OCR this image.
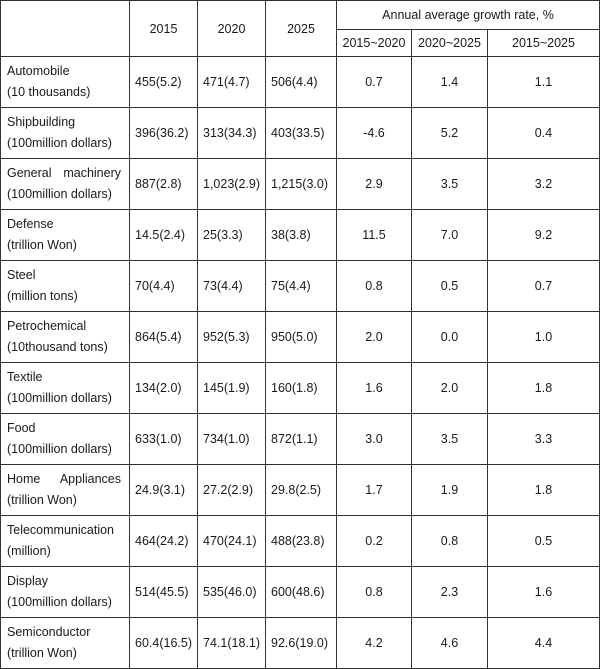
	2015	2020	2025	Annual average growth rate, %		
				2015~2020	2020~2025	2015~2025

Automobile
(10 thousands)	455(5.2)	471(4.7)	506(4.4)	0.7	1.4	1.1

Shipbuilding
(100million dollars)	396(36.2)	313(34.3)	403(33.5)	-4.6	5.2	0.4

General machinery
(100million dollars)	887(2.8)	1,023(2.9)	1,215(3.0)	2.9	3.5	3.2

Defense
(trillion Won)	14.5(2.4)	25(3.3)	38(3.8)	11.5	7.0	9.2

Steel
(million tons)	70(4.4)	73(4.4)	75(4.4)	0.8	0.5	0.7

Petrochemical
(10thousand tons)	864(5.4)	952(5.3)	950(5.0)	2.0	0.0	1.0

Textile
(100million dollars)	134(2.0)	145(1.9)	160(1.8)	1.6	2.0	1.8

Food
(100million dollars)	633(1.0)	734(1.0)	872(1.1)	3.0	3.5	3.3

Home Appliances
(trillion Won)	24.9(3.1)	27.2(2.9)	29.8(2.5)	1.7	1.9	1.8

Telecommunication
(million)	464(24.2)	470(24.1)	488(23.8)	0.2	0.8	0.5

Display
(100million dollars)	514(45.5)	535(46.0)	600(48.6)	0.8	2.3	1.6

Semiconductor
(trillion Won)	60.4(16.5)	74.1(18.1)	92.6(19.0)	4.2	4.6	4.4
